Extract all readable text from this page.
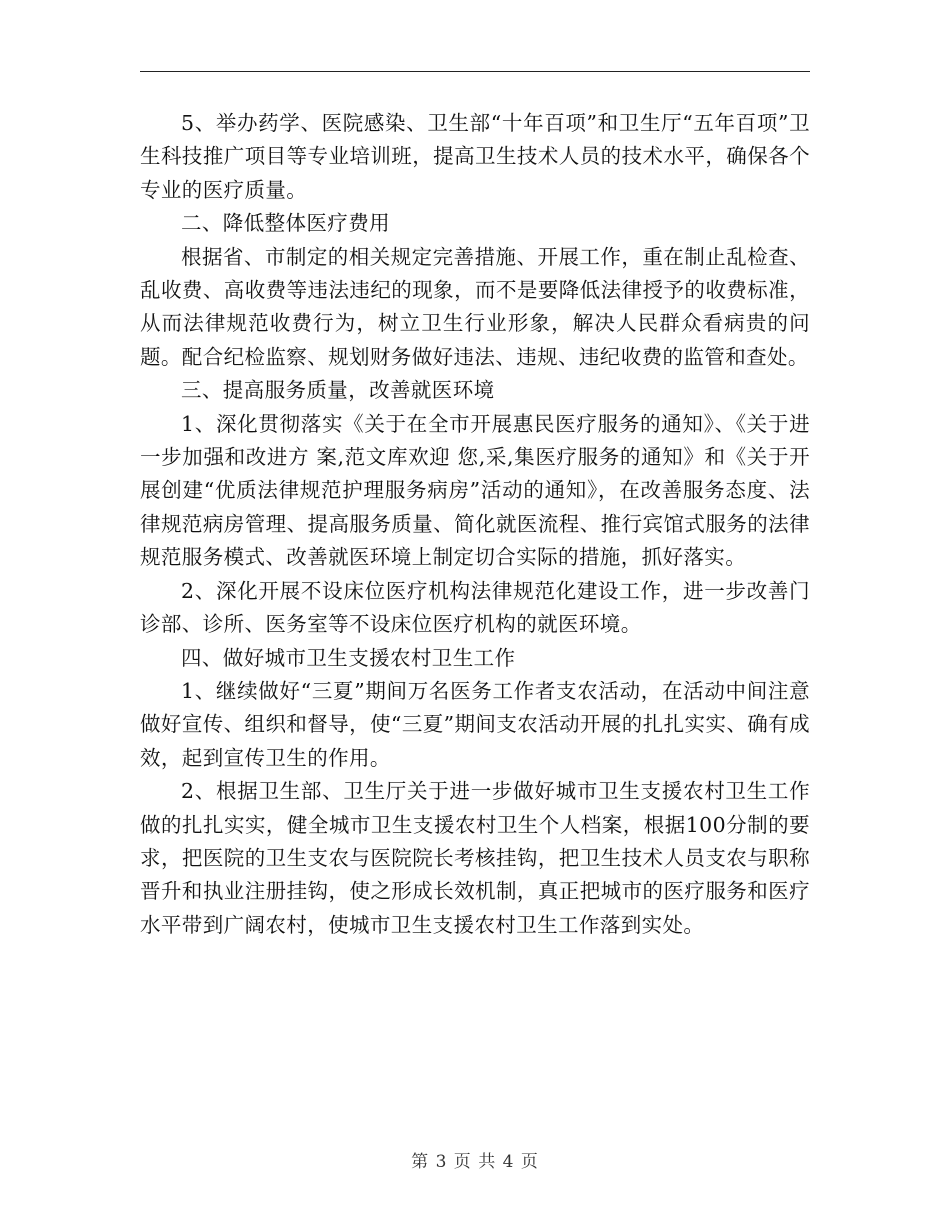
5、举办药学、医院感染、卫生部“十年百项”和卫生厅“五年百项”卫生科技推广项目等专业培训班，提高卫生技术人员的技术水平，确保各个专业的医疗质量。

二、降低整体医疗费用

根据省、市制定的相关规定完善措施、开展工作，重在制止乱检查、乱收费、高收费等违法违纪的现象，而不是要降低法律授予的收费标准，从而法律规范收费行为，树立卫生行业形象，解决人民群众看病贵的问题。配合纪检监察、规划财务做好违法、违规、违纪收费的监管和查处。

三、提高服务质量，改善就医环境

1、深化贯彻落实《关于在全市开展惠民医疗服务的通知》、《关于进一步加强和改进方 案,范文库欢迎 您,采,集医疗服务的通知》和《关于开展创建“优质法律规范护理服务病房”活动的通知》，在改善服务态度、法律规范病房管理、提高服务质量、简化就医流程、推行宾馆式服务的法律规范服务模式、改善就医环境上制定切合实际的措施，抓好落实。

2、深化开展不设床位医疗机构法律规范化建设工作，进一步改善门诊部、诊所、医务室等不设床位医疗机构的就医环境。

四、做好城市卫生支援农村卫生工作

1、继续做好“三夏”期间万名医务工作者支农活动，在活动中间注意做好宣传、组织和督导，使“三夏”期间支农活动开展的扎扎实实、确有成效，起到宣传卫生的作用。

2、根据卫生部、卫生厅关于进一步做好城市卫生支援农村卫生工作做的扎扎实实，健全城市卫生支援农村卫生个人档案，根据100分制的要求，把医院的卫生支农与医院院长考核挂钩，把卫生技术人员支农与职称晋升和执业注册挂钩，使之形成长效机制，真正把城市的医疗服务和医疗水平带到广阔农村，使城市卫生支援农村卫生工作落到实处。

第 3 页 共 4 页
